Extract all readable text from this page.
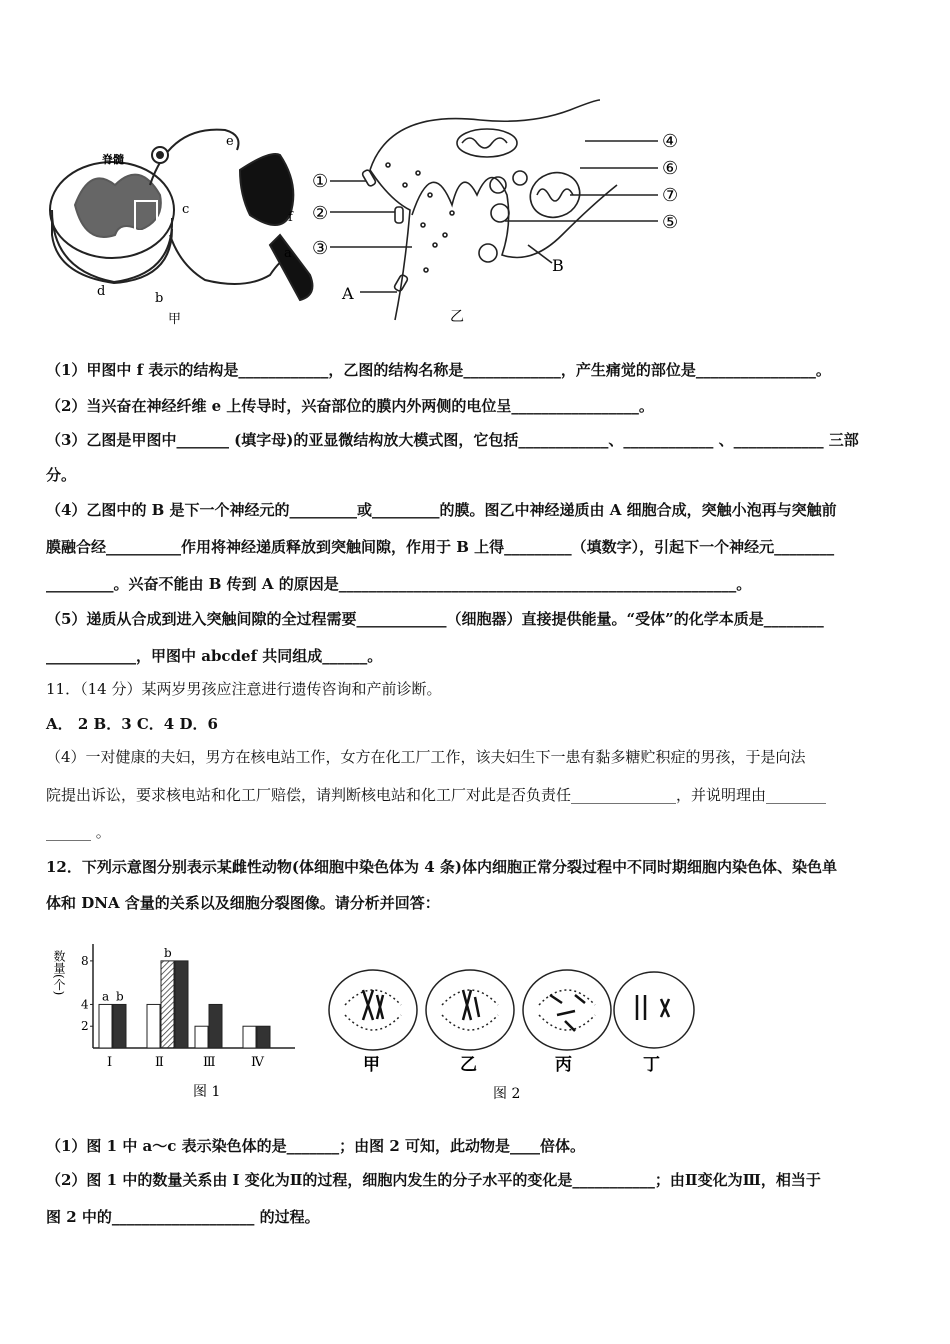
脊髓
e
c
f
a
d	b
甲
①
②
③
A
B
④
⑥
⑦
⑤
乙
（1）甲图中 f 表示的结构是____________，乙图的结构名称是_____________，产生痛觉的部位是________________。
（2）当兴奋在神经纤维 e 上传导时，兴奋部位的膜内外两侧的电位呈_________________。
（3）乙图是甲图中_______ (填字母)的亚显微结构放大模式图，它包括____________、____________ 、____________ 三部
分。
（4）乙图中的 B 是下一个神经元的_________或_________的膜。图乙中神经递质由 A 细胞合成，突触小泡再与突触前
膜融合经__________作用将神经递质释放到突触间隙，作用于 B 上得_________（填数字），引起下一个神经元________
_________。兴奋不能由 B 传到 A 的原因是_____________________________________________________。
（5）递质从合成到进入突触间隙的全过程需要____________（细胞器）直接提供能量。“受体”的化学本质是________
____________，甲图中 abcdef 共同组成______。
11．（14 分）某两岁男孩应注意进行遗传咨询和产前诊断。
A． 2 B．3 C．4 D．6
（4）一对健康的夫妇，男方在核电站工作，女方在化工厂工作，该夫妇生下一患有黏多糖贮积症的男孩，于是向法
院提出诉讼，要求核电站和化工厂赔偿，请判断核电站和化工厂对此是否负责任______________，并说明理由________
______ 。
12．下列示意图分别表示某雌性动物(体细胞中染色体为 4 条)体内细胞正常分裂过程中不同时期细胞内染色体、染色单
体和 DNA 含量的关系以及细胞分裂图像。请分析并回答：
数量(个)
2
4
8
a b
Ⅰ
b
Ⅱ	Ⅲ	Ⅳ
图 1
甲	乙	丙	丁
图 2
（1）图 1 中 a～c 表示染色体的是_______；由图 2 可知，此动物是____倍体。
（2）图 1 中的数量关系由 I 变化为Ⅱ的过程，细胞内发生的分子水平的变化是___________；由Ⅱ变化为Ⅲ，相当于
图 2 中的___________________ 的过程。
